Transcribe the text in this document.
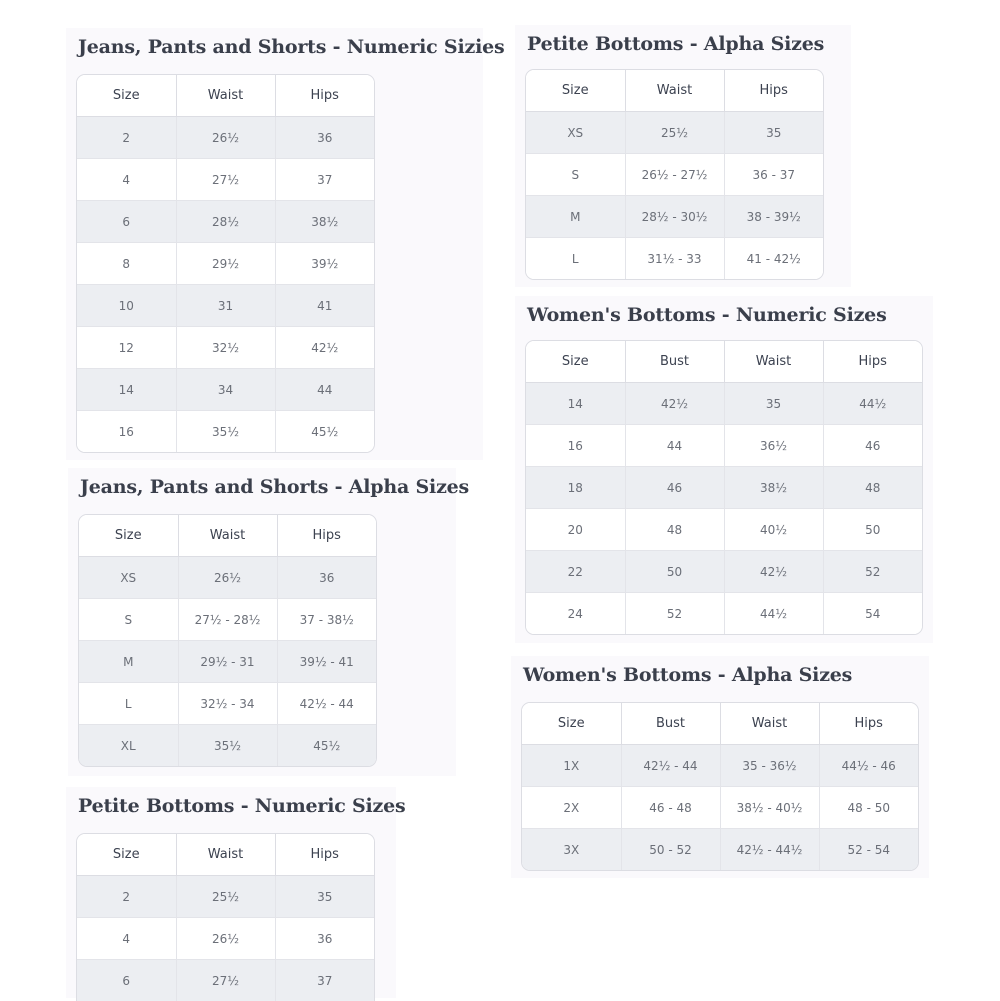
Jeans, Pants and Shorts - Numeric Sizies
Size	Waist	Hips
2	26½	36
4	27½	37
6	28½	38½
8	29½	39½
10	31	41
12	32½	42½
14	34	44
16	35½	45½
Jeans, Pants and Shorts - Alpha Sizes
Size	Waist	Hips
XS	26½	36
S	27½ - 28½	37 - 38½
M	29½ - 31	39½ - 41
L	32½ - 34	42½ - 44
XL	35½	45½
Petite Bottoms - Numeric Sizes
Size	Waist	Hips
2	25½	35
4	26½	36
6	27½	37
Petite Bottoms - Alpha Sizes
Size	Waist	Hips
XS	25½	35
S	26½ - 27½	36 - 37
M	28½ - 30½	38 - 39½
L	31½ - 33	41 - 42½
Women's Bottoms - Numeric Sizes
Size	Bust	Waist	Hips
14	42½	35	44½
16	44	36½	46
18	46	38½	48
20	48	40½	50
22	50	42½	52
24	52	44½	54
Women's Bottoms - Alpha Sizes
Size	Bust	Waist	Hips
1X	42½ - 44	35 - 36½	44½ - 46
2X	46 - 48	38½ - 40½	48 - 50
3X	50 - 52	42½ - 44½	52 - 54
